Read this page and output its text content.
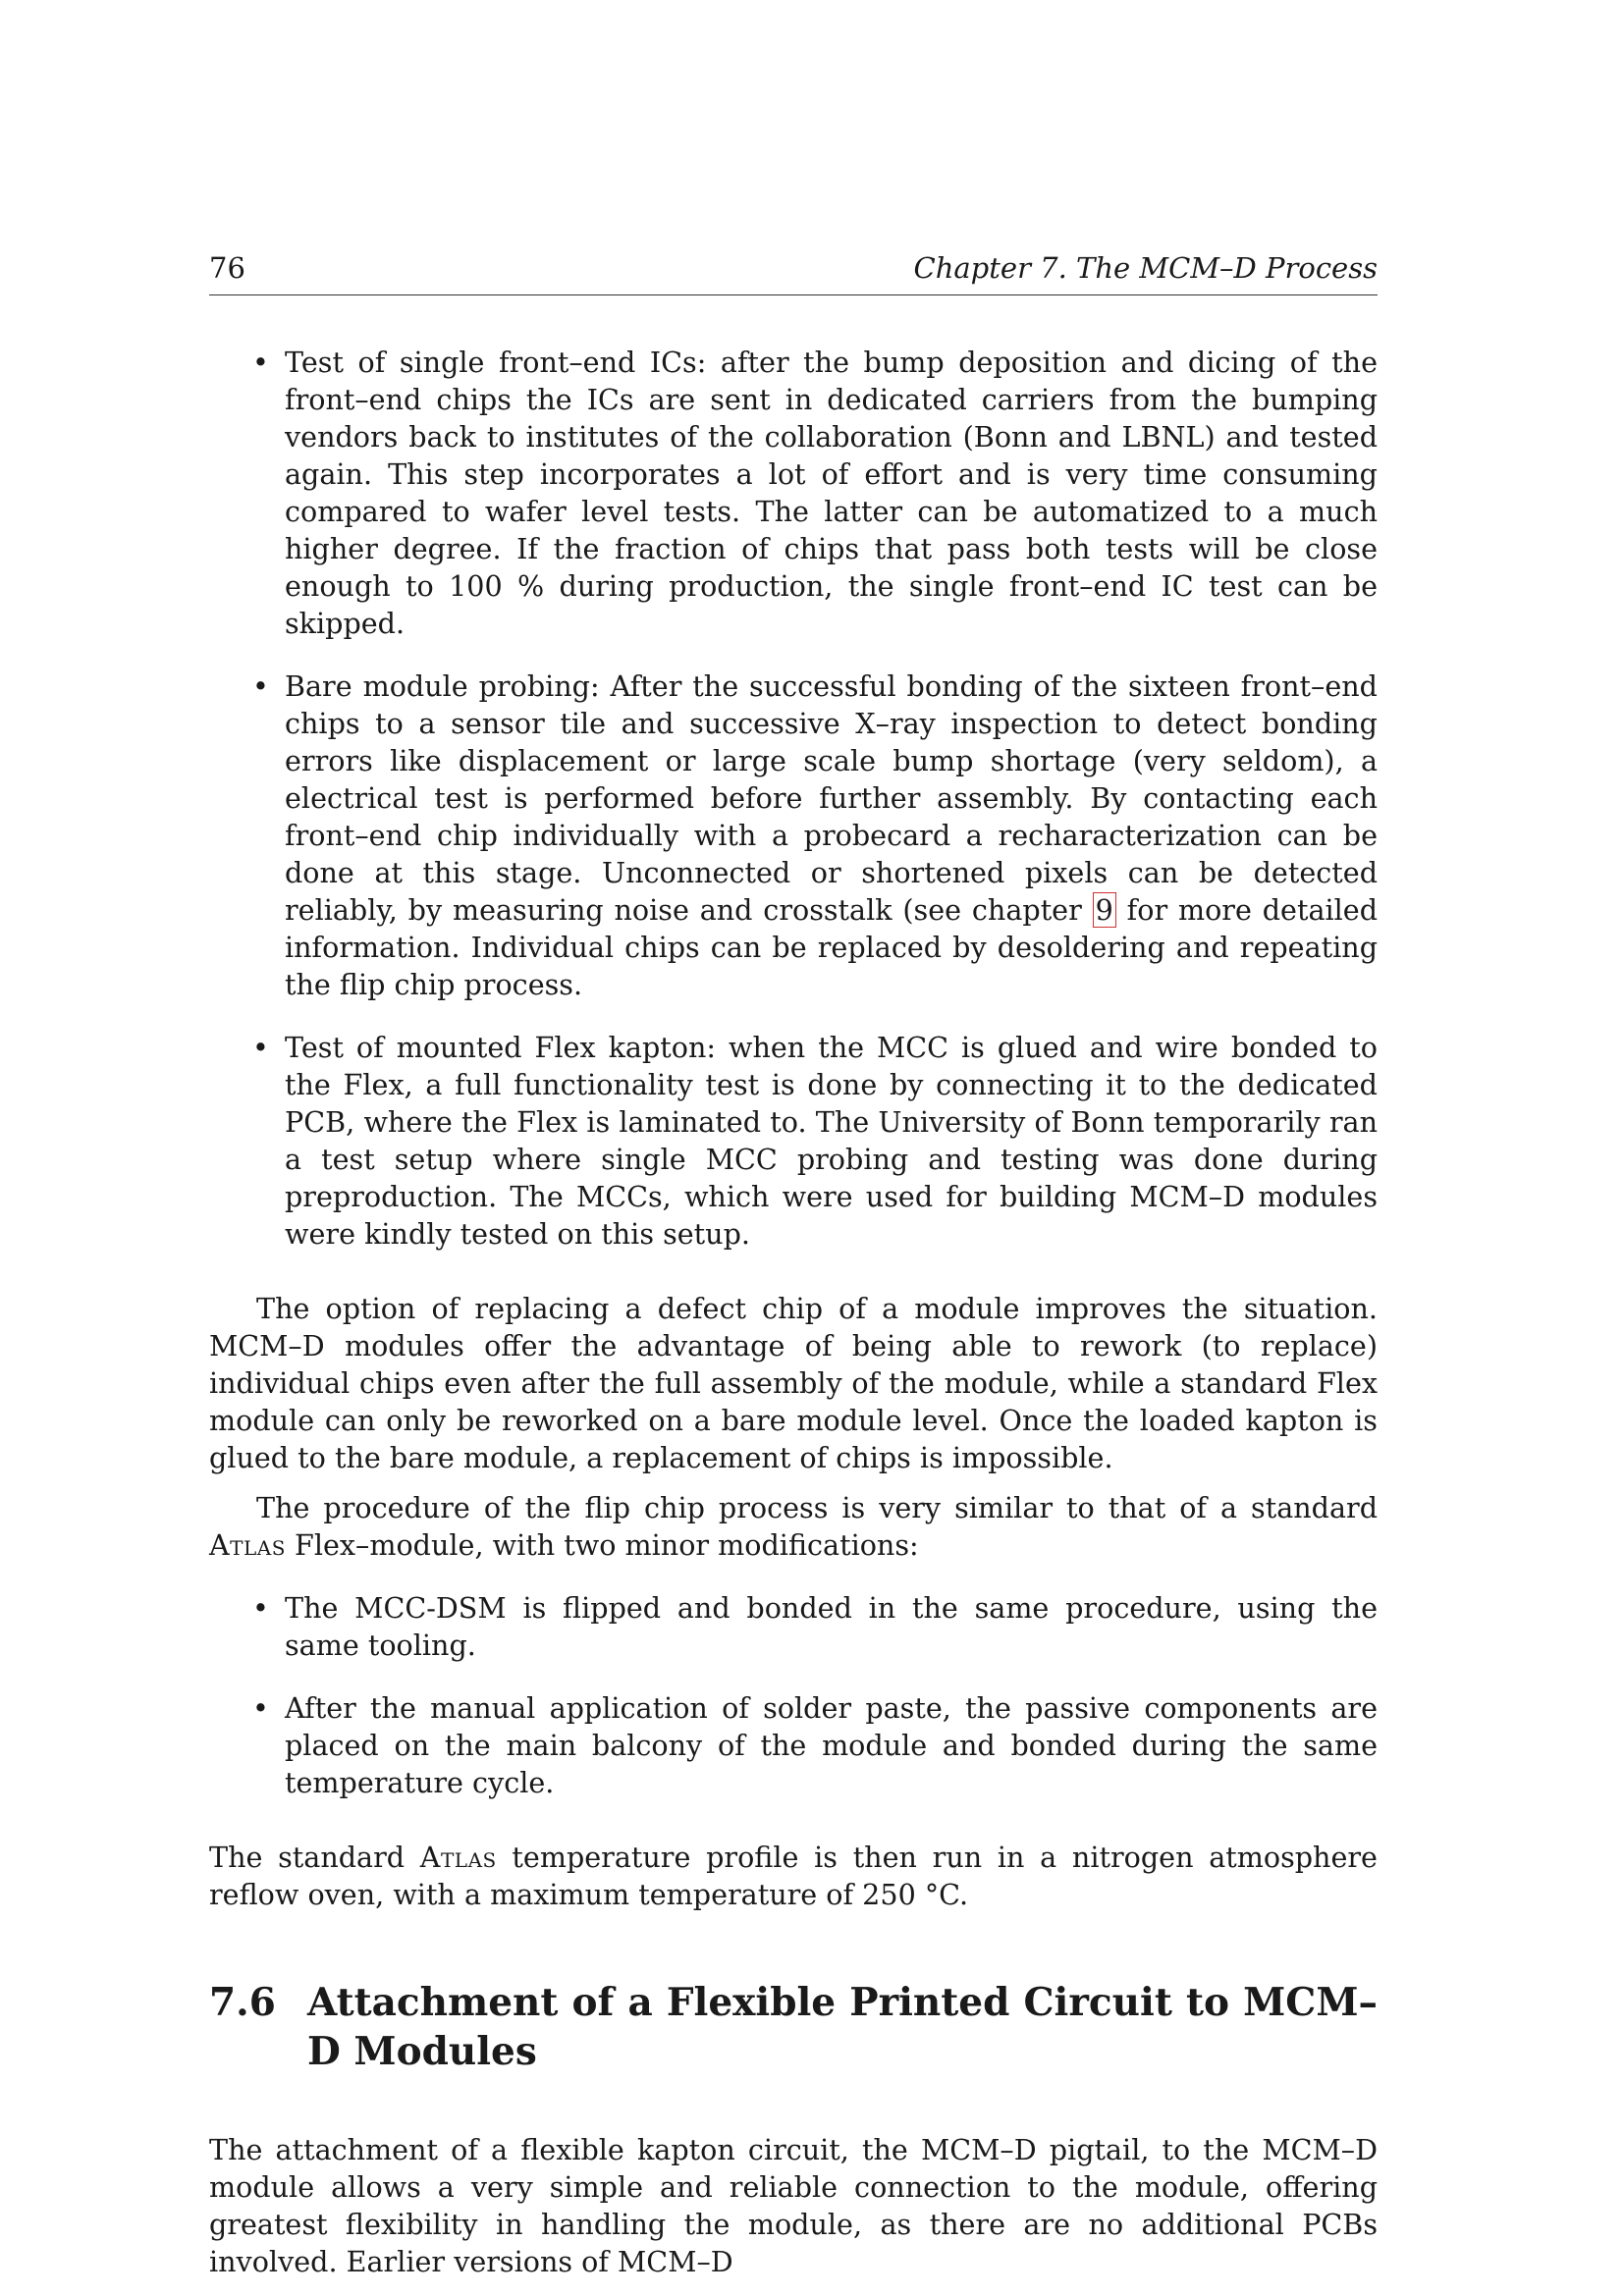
76	Chapter 7. The MCM–D Process
• Test of single front–end ICs: after the bump deposition and dicing of the front–end chips the ICs are sent in dedicated carriers from the bumping vendors back to institutes of the collaboration (Bonn and LBNL) and tested again. This step incorporates a lot of effort and is very time consuming compared to wafer level tests. The latter can be automatized to a much higher degree. If the fraction of chips that pass both tests will be close enough to 100 % during production, the single front–end IC test can be skipped.
• Bare module probing: After the successful bonding of the sixteen front–end chips to a sensor tile and successive X–ray inspection to detect bonding errors like displacement or large scale bump shortage (very seldom), a electrical test is performed before further assembly. By contacting each front–end chip individually with a probecard a recharacterization can be done at this stage. Unconnected or shortened pixels can be detected reliably, by measuring noise and crosstalk (see chapter 9 for more detailed information. Individual chips can be replaced by desoldering and repeating the flip chip process.
• Test of mounted Flex kapton: when the MCC is glued and wire bonded to the Flex, a full functionality test is done by connecting it to the dedicated PCB, where the Flex is laminated to. The University of Bonn temporarily ran a test setup where single MCC probing and testing was done during preproduction. The MCCs, which were used for building MCM–D modules were kindly tested on this setup.

The option of replacing a defect chip of a module improves the situation. MCM–D modules offer the advantage of being able to rework (to replace) individual chips even after the full assembly of the module, while a standard Flex module can only be reworked on a bare module level. Once the loaded kapton is glued to the bare module, a replacement of chips is impossible.

The procedure of the flip chip process is very similar to that of a standard Atlas Flex–module, with two minor modifications:

• The MCC-DSM is flipped and bonded in the same procedure, using the same tooling.
• After the manual application of solder paste, the passive components are placed on the main balcony of the module and bonded during the same temperature cycle.

The standard Atlas temperature profile is then run in a nitrogen atmosphere reflow oven, with a maximum temperature of 250 °C.

7.6 Attachment of a Flexible Printed Circuit to MCM–D Modules

The attachment of a flexible kapton circuit, the MCM–D pigtail, to the MCM–D module allows a very simple and reliable connection to the module, offering greatest flexibility in handling the module, as there are no additional PCBs involved. Earlier versions of MCM–D
